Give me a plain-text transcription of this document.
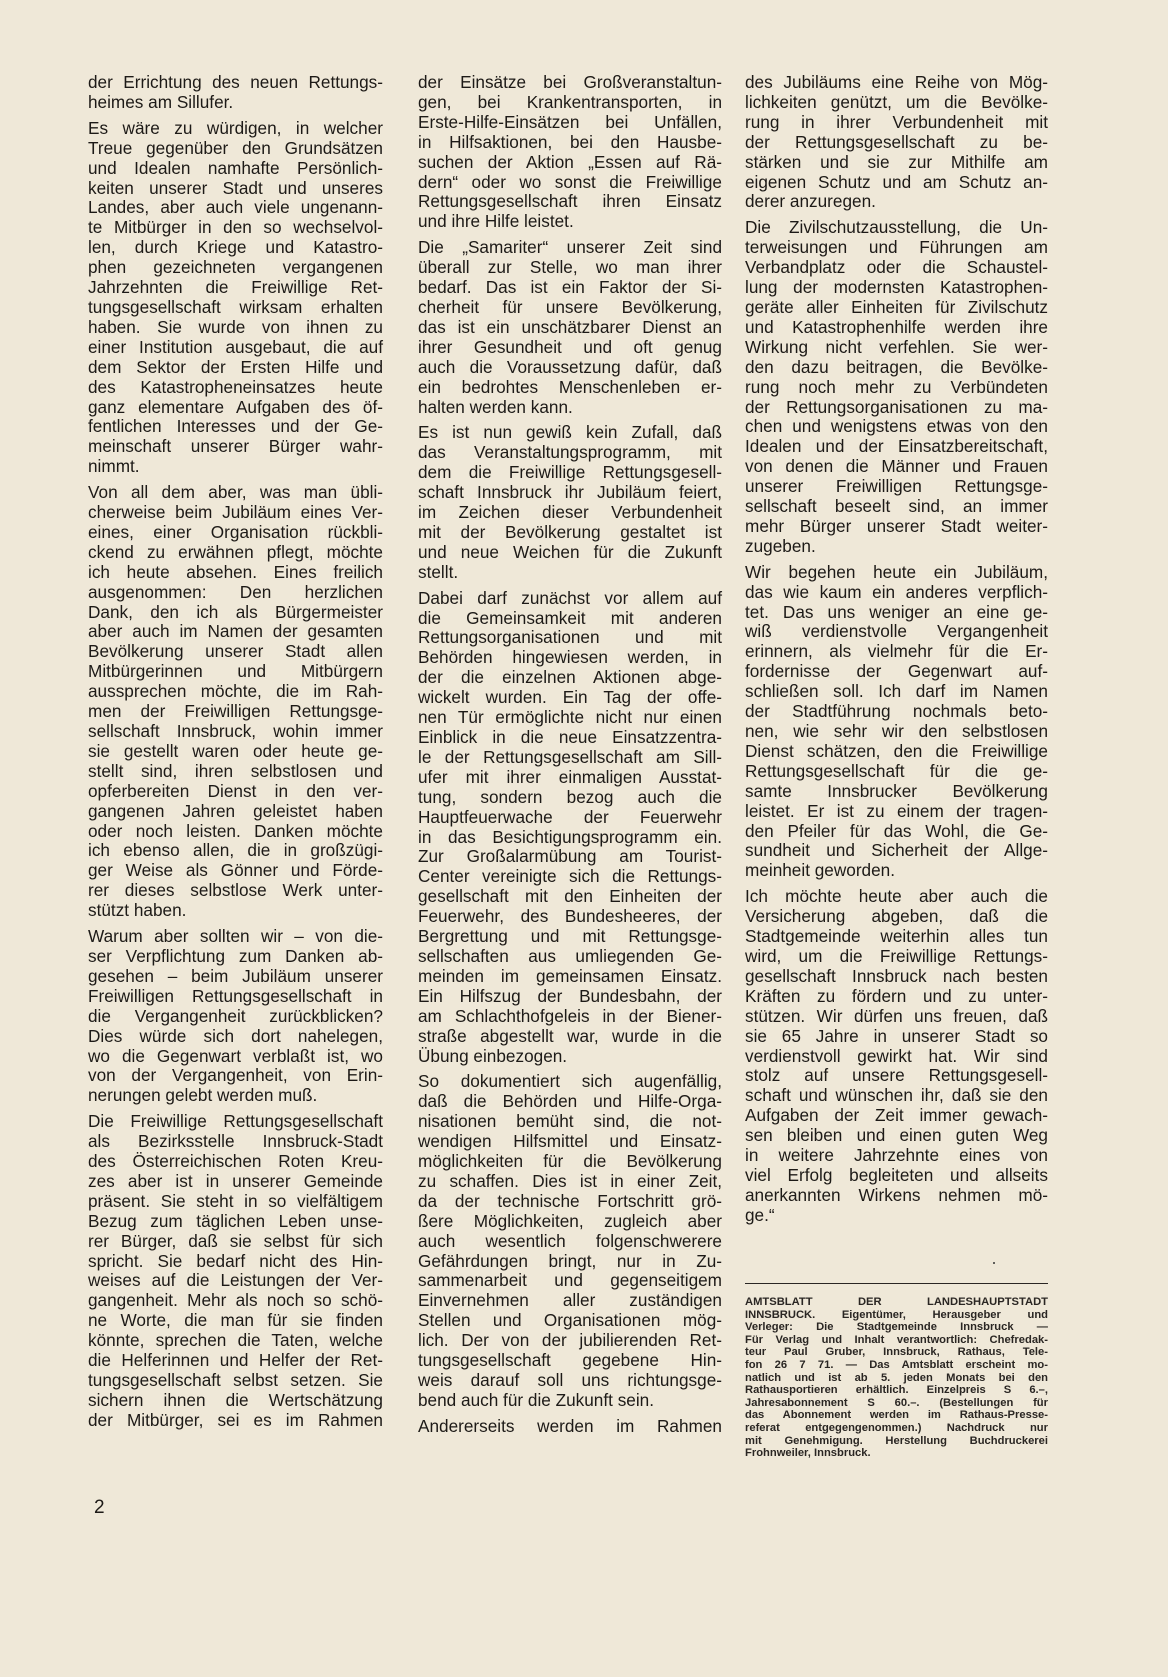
der Errichtung des neuen Rettungs-
heimes am Sillufer.
Es wäre zu würdigen, in welcher
Treue gegenüber den Grundsätzen
und Idealen namhafte Persönlich-
keiten unserer Stadt und unseres
Landes, aber auch viele ungenann-
te Mitbürger in den so wechselvol-
len, durch Kriege und Katastro-
phen gezeichneten vergangenen
Jahrzehnten die Freiwillige Ret-
tungsgesellschaft wirksam erhalten
haben. Sie wurde von ihnen zu
einer Institution ausgebaut, die auf
dem Sektor der Ersten Hilfe und
des Katastropheneinsatzes heute
ganz elementare Aufgaben des öf-
fentlichen Interesses und der Ge-
meinschaft unserer Bürger wahr-
nimmt.
Von all dem aber, was man übli-
cherweise beim Jubiläum eines Ver-
eines, einer Organisation rückbli-
ckend zu erwähnen pflegt, möchte
ich heute absehen. Eines freilich
ausgenommen: Den herzlichen
Dank, den ich als Bürgermeister
aber auch im Namen der gesamten
Bevölkerung unserer Stadt allen
Mitbürgerinnen und Mitbürgern
aussprechen möchte, die im Rah-
men der Freiwilligen Rettungsge-
sellschaft Innsbruck, wohin immer
sie gestellt waren oder heute ge-
stellt sind, ihren selbstlosen und
opferbereiten Dienst in den ver-
gangenen Jahren geleistet haben
oder noch leisten. Danken möchte
ich ebenso allen, die in großzügi-
ger Weise als Gönner und Förde-
rer dieses selbstlose Werk unter-
stützt haben.
Warum aber sollten wir – von die-
ser Verpflichtung zum Danken ab-
gesehen – beim Jubiläum unserer
Freiwilligen Rettungsgesellschaft in
die Vergangenheit zurückblicken?
Dies würde sich dort nahelegen,
wo die Gegenwart verblaßt ist, wo
von der Vergangenheit, von Erin-
nerungen gelebt werden muß.
Die Freiwillige Rettungsgesellschaft
als Bezirksstelle Innsbruck-Stadt
des Österreichischen Roten Kreu-
zes aber ist in unserer Gemeinde
präsent. Sie steht in so vielfältigem
Bezug zum täglichen Leben unse-
rer Bürger, daß sie selbst für sich
spricht. Sie bedarf nicht des Hin-
weises auf die Leistungen der Ver-
gangenheit. Mehr als noch so schö-
ne Worte, die man für sie finden
könnte, sprechen die Taten, welche
die Helferinnen und Helfer der Ret-
tungsgesellschaft selbst setzen. Sie
sichern ihnen die Wertschätzung
der Mitbürger, sei es im Rahmen
der Einsätze bei Großveranstaltun-
gen, bei Krankentransporten, in
Erste-Hilfe-Einsätzen bei Unfällen,
in Hilfsaktionen, bei den Hausbe-
suchen der Aktion „Essen auf Rä-
dern“ oder wo sonst die Freiwillige
Rettungsgesellschaft ihren Einsatz
und ihre Hilfe leistet.
Die „Samariter“ unserer Zeit sind
überall zur Stelle, wo man ihrer
bedarf. Das ist ein Faktor der Si-
cherheit für unsere Bevölkerung,
das ist ein unschätzbarer Dienst an
ihrer Gesundheit und oft genug
auch die Voraussetzung dafür, daß
ein bedrohtes Menschenleben er-
halten werden kann.
Es ist nun gewiß kein Zufall, daß
das Veranstaltungsprogramm, mit
dem die Freiwillige Rettungsgesell-
schaft Innsbruck ihr Jubiläum feiert,
im Zeichen dieser Verbundenheit
mit der Bevölkerung gestaltet ist
und neue Weichen für die Zukunft
stellt.
Dabei darf zunächst vor allem auf
die Gemeinsamkeit mit anderen
Rettungsorganisationen und mit
Behörden hingewiesen werden, in
der die einzelnen Aktionen abge-
wickelt wurden. Ein Tag der offe-
nen Tür ermöglichte nicht nur einen
Einblick in die neue Einsatzzentra-
le der Rettungsgesellschaft am Sill-
ufer mit ihrer einmaligen Ausstat-
tung, sondern bezog auch die
Hauptfeuerwache der Feuerwehr
in das Besichtigungsprogramm ein.
Zur Großalarmübung am Tourist-
Center vereinigte sich die Rettungs-
gesellschaft mit den Einheiten der
Feuerwehr, des Bundesheeres, der
Bergrettung und mit Rettungsge-
sellschaften aus umliegenden Ge-
meinden im gemeinsamen Einsatz.
Ein Hilfszug der Bundesbahn, der
am Schlachthofgeleis in der Biener-
straße abgestellt war, wurde in die
Übung einbezogen.
So dokumentiert sich augenfällig,
daß die Behörden und Hilfe-Orga-
nisationen bemüht sind, die not-
wendigen Hilfsmittel und Einsatz-
möglichkeiten für die Bevölkerung
zu schaffen. Dies ist in einer Zeit,
da der technische Fortschritt grö-
ßere Möglichkeiten, zugleich aber
auch wesentlich folgenschwerere
Gefährdungen bringt, nur in Zu-
sammenarbeit und gegenseitigem
Einvernehmen aller zuständigen
Stellen und Organisationen mög-
lich. Der von der jubilierenden Ret-
tungsgesellschaft gegebene Hin-
weis darauf soll uns richtungsge-
bend auch für die Zukunft sein.
Andererseits werden im Rahmen
des Jubiläums eine Reihe von Mög-
lichkeiten genützt, um die Bevölke-
rung in ihrer Verbundenheit mit
der Rettungsgesellschaft zu be-
stärken und sie zur Mithilfe am
eigenen Schutz und am Schutz an-
derer anzuregen.
Die Zivilschutzausstellung, die Un-
terweisungen und Führungen am
Verbandplatz oder die Schaustel-
lung der modernsten Katastrophen-
geräte aller Einheiten für Zivilschutz
und Katastrophenhilfe werden ihre
Wirkung nicht verfehlen. Sie wer-
den dazu beitragen, die Bevölke-
rung noch mehr zu Verbündeten
der Rettungsorganisationen zu ma-
chen und wenigstens etwas von den
Idealen und der Einsatzbereitschaft,
von denen die Männer und Frauen
unserer Freiwilligen Rettungsge-
sellschaft beseelt sind, an immer
mehr Bürger unserer Stadt weiter-
zugeben.
Wir begehen heute ein Jubiläum,
das wie kaum ein anderes verpflich-
tet. Das uns weniger an eine ge-
wiß verdienstvolle Vergangenheit
erinnern, als vielmehr für die Er-
fordernisse der Gegenwart auf-
schließen soll. Ich darf im Namen
der Stadtführung nochmals beto-
nen, wie sehr wir den selbstlosen
Dienst schätzen, den die Freiwillige
Rettungsgesellschaft für die ge-
samte Innsbrucker Bevölkerung
leistet. Er ist zu einem der tragen-
den Pfeiler für das Wohl, die Ge-
sundheit und Sicherheit der Allge-
meinheit geworden.
Ich möchte heute aber auch die
Versicherung abgeben, daß die
Stadtgemeinde weiterhin alles tun
wird, um die Freiwillige Rettungs-
gesellschaft Innsbruck nach besten
Kräften zu fördern und zu unter-
stützen. Wir dürfen uns freuen, daß
sie 65 Jahre in unserer Stadt so
verdienstvoll gewirkt hat. Wir sind
stolz auf unsere Rettungsgesell-
schaft und wünschen ihr, daß sie den
Aufgaben der Zeit immer gewach-
sen bleiben und einen guten Weg
in weitere Jahrzehnte eines von
viel Erfolg begleiteten und allseits
anerkannten Wirkens nehmen mö-
ge.“
AMTSBLATT DER LANDESHAUPTSTADT
INNSBRUCK. Eigentümer, Herausgeber und
Verleger: Die Stadtgemeinde Innsbruck —
Für Verlag und Inhalt verantwortlich: Chefredak-
teur Paul Gruber, Innsbruck, Rathaus, Tele-
fon 26 7 71. — Das Amtsblatt erscheint mo-
natlich und ist ab 5. jeden Monats bei den
Rathausportieren erhältlich. Einzelpreis S 6.–,
Jahresabonnement S 60.–. (Bestellungen für
das Abonnement werden im Rathaus-Presse-
referat entgegengenommen.) Nachdruck nur
mit Genehmigung. Herstellung Buchdruckerei
Frohnweiler, Innsbruck.
2
